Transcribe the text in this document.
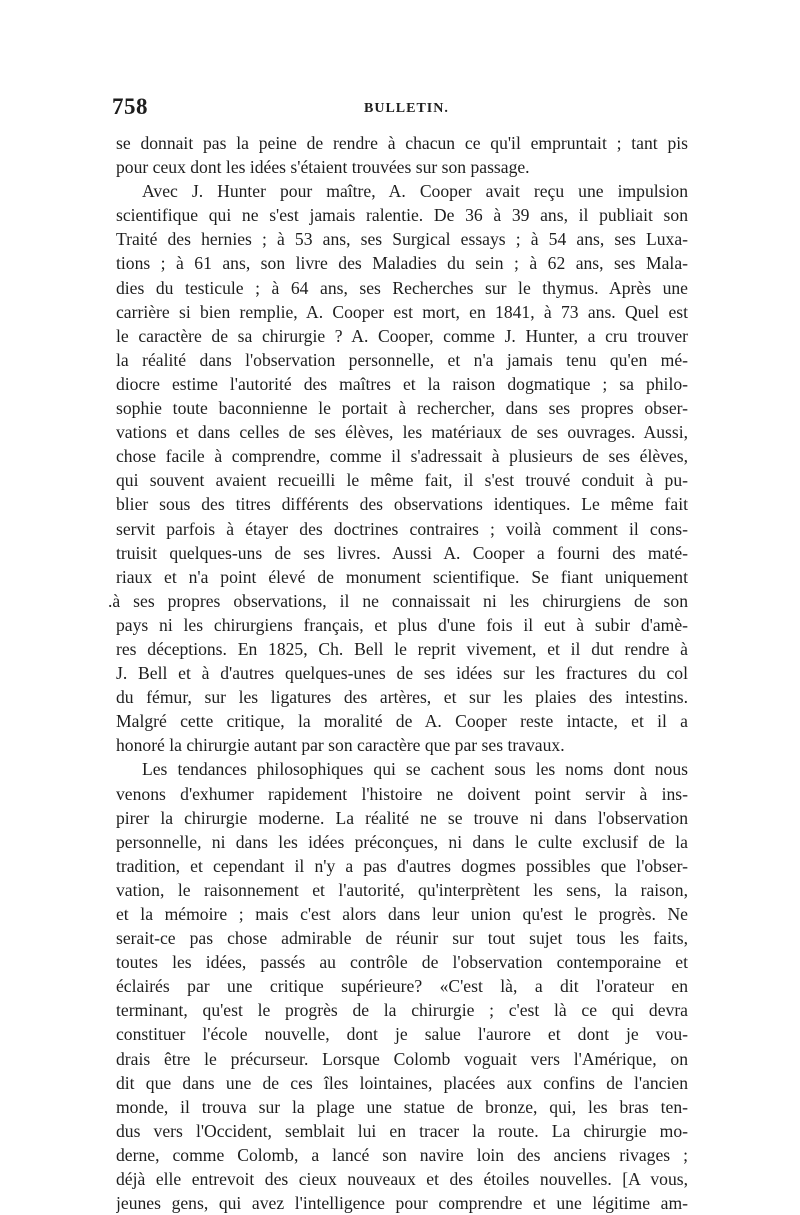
758	BULLETIN.
se donnait pas la peine de rendre à chacun ce qu'il empruntait ; tant pis
pour ceux dont les idées s'étaient trouvées sur son passage.
Avec J. Hunter pour maître, A. Cooper avait reçu une impulsion
scientifique qui ne s'est jamais ralentie. De 36 à 39 ans, il publiait son
Traité des hernies ; à 53 ans, ses Surgical essays ; à 54 ans, ses Luxa-
tions ; à 61 ans, son livre des Maladies du sein ; à 62 ans, ses Mala-
dies du testicule ; à 64 ans, ses Recherches sur le thymus. Après une
carrière si bien remplie, A. Cooper est mort, en 1841, à 73 ans. Quel est
le caractère de sa chirurgie ? A. Cooper, comme J. Hunter, a cru trouver
la réalité dans l'observation personnelle, et n'a jamais tenu qu'en mé-
diocre estime l'autorité des maîtres et la raison dogmatique ; sa philo-
sophie toute baconnienne le portait à rechercher, dans ses propres obser-
vations et dans celles de ses élèves, les matériaux de ses ouvrages. Aussi,
chose facile à comprendre, comme il s'adressait à plusieurs de ses élèves,
qui souvent avaient recueilli le même fait, il s'est trouvé conduit à pu-
blier sous des titres différents des observations identiques. Le même fait
servit parfois à étayer des doctrines contraires ; voilà comment il cons-
truisit quelques-uns de ses livres. Aussi A. Cooper a fourni des maté-
riaux et n'a point élevé de monument scientifique. Se fiant uniquement
.à ses propres observations, il ne connaissait ni les chirurgiens de son
pays ni les chirurgiens français, et plus d'une fois il eut à subir d'amè-
res déceptions. En 1825, Ch. Bell le reprit vivement, et il dut rendre à
J. Bell et à d'autres quelques-unes de ses idées sur les fractures du col
du fémur, sur les ligatures des artères, et sur les plaies des intestins.
Malgré cette critique, la moralité de A. Cooper reste intacte, et il a
honoré la chirurgie autant par son caractère que par ses travaux.
Les tendances philosophiques qui se cachent sous les noms dont nous
venons d'exhumer rapidement l'histoire ne doivent point servir à ins-
pirer la chirurgie moderne. La réalité ne se trouve ni dans l'observation
personnelle, ni dans les idées préconçues, ni dans le culte exclusif de la
tradition, et cependant il n'y a pas d'autres dogmes possibles que l'obser-
vation, le raisonnement et l'autorité, qu'interprètent les sens, la raison,
et la mémoire ; mais c'est alors dans leur union qu'est le progrès. Ne
serait-ce pas chose admirable de réunir sur tout sujet tous les faits,
toutes les idées, passés au contrôle de l'observation contemporaine et
éclairés par une critique supérieure? «C'est là, a dit l'orateur en
terminant, qu'est le progrès de la chirurgie ; c'est là ce qui devra
constituer l'école nouvelle, dont je salue l'aurore et dont je vou-
drais être le précurseur. Lorsque Colomb voguait vers l'Amérique, on
dit que dans une de ces îles lointaines, placées aux confins de l'ancien
monde, il trouva sur la plage une statue de bronze, qui, les bras ten-
dus vers l'Occident, semblait lui en tracer la route. La chirurgie mo-
derne, comme Colomb, a lancé son navire loin des anciens rivages ;
déjà elle entrevoit des cieux nouveaux et des étoiles nouvelles. [A vous,
jeunes gens, qui avez l'intelligence pour comprendre et une légitime am-
